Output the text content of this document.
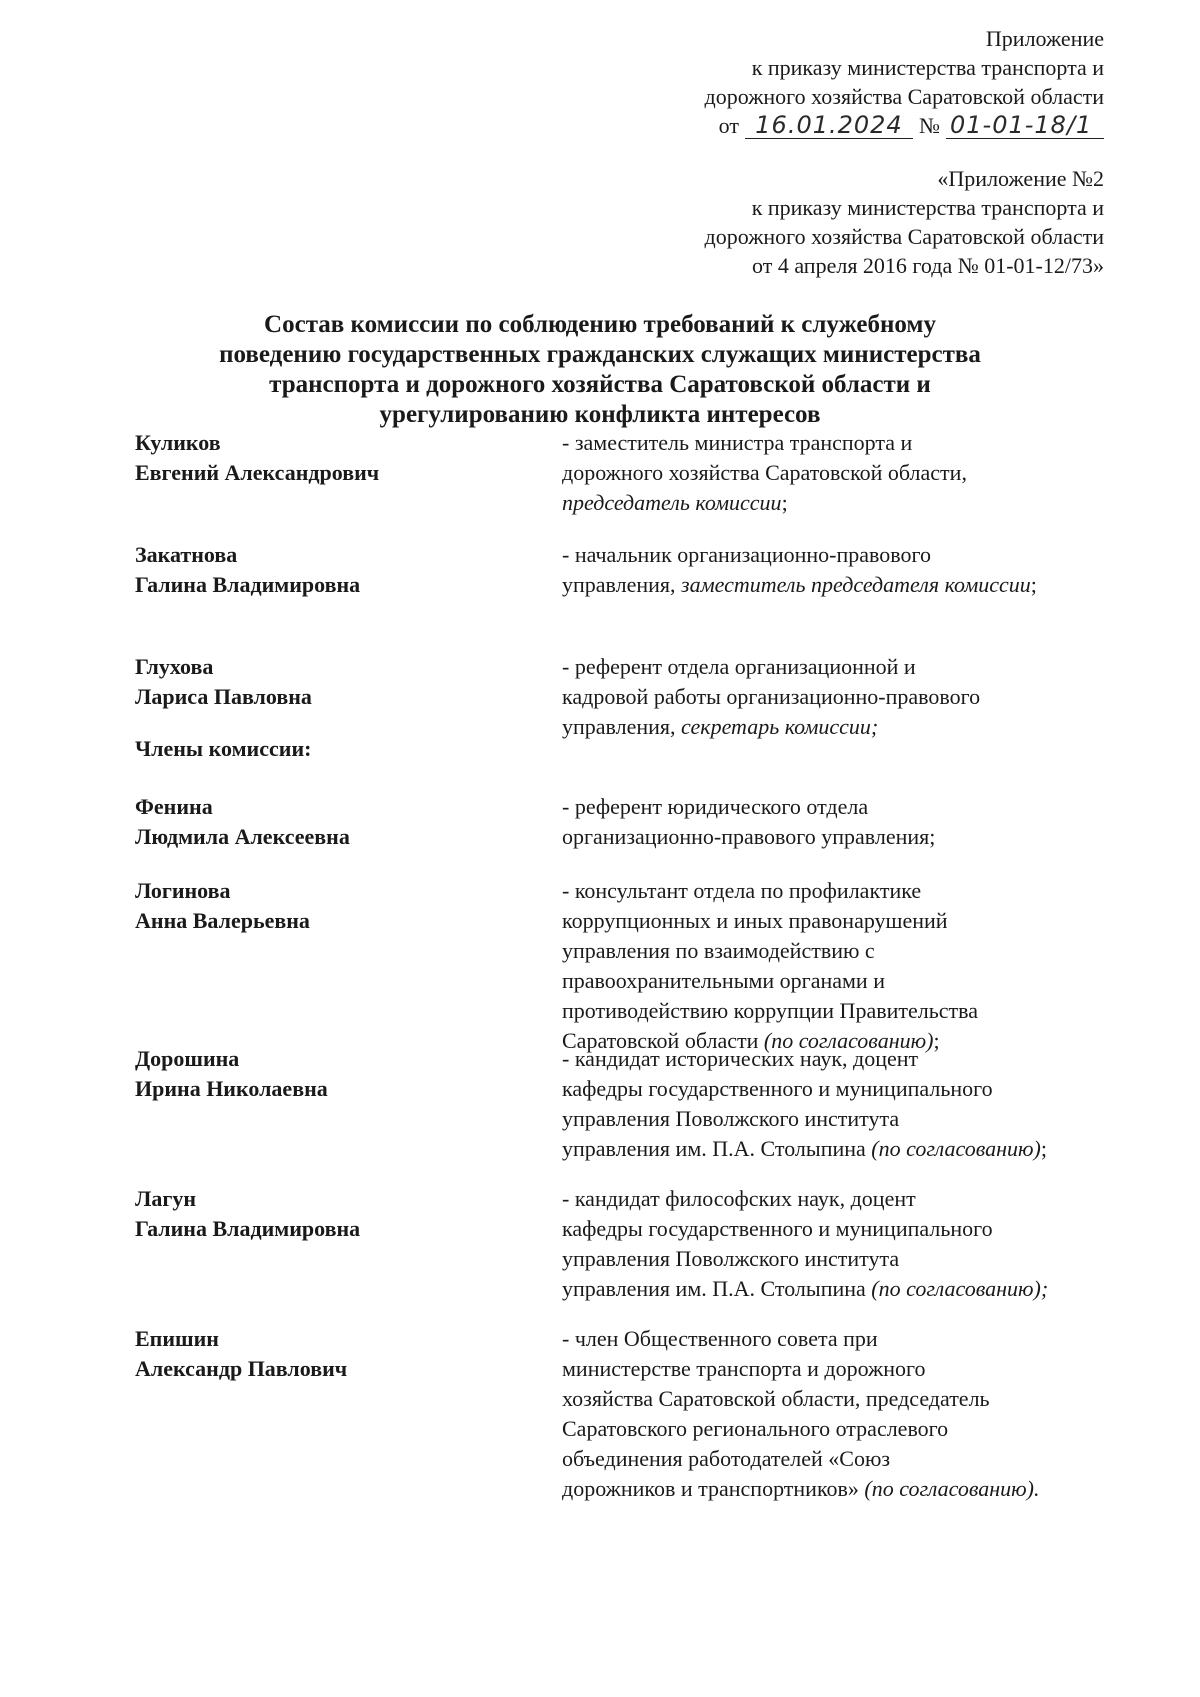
Приложение
к приказу министерства транспорта и
дорожного хозяйства Саратовской области
от 16.01.2024 № 01-01-18/1
«Приложение №2
к приказу министерства транспорта и
дорожного хозяйства Саратовской области
от 4 апреля 2016 года № 01-01-12/73»
Состав комиссии по соблюдению требований к служебному
поведению государственных гражданских служащих министерства
транспорта и дорожного хозяйства Саратовской области и
урегулированию конфликта интересов
Куликов
Евгений Александрович
- заместитель министра транспорта и
дорожного хозяйства Саратовской области,
председатель комиссии;
Закатнова
Галина Владимировна
- начальник организационно-правового
управления, заместитель председателя комиссии;
Глухова
Лариса Павловна
- референт отдела организационной и
кадровой работы организационно-правового
управления, секретарь комиссии;
Члены комиссии:
Фенина
Людмила Алексеевна
- референт юридического отдела
организационно-правового управления;
Логинова
Анна Валерьевна
- консультант отдела по профилактике
коррупционных и иных правонарушений
управления по взаимодействию с
правоохранительными органами и
противодействию коррупции Правительства
Саратовской области (по согласованию);
Дорошина
Ирина Николаевна
- кандидат исторических наук, доцент
кафедры государственного и муниципального
управления Поволжского института
управления им. П.А. Столыпина (по согласованию);
Лагун
Галина Владимировна
- кандидат философских наук, доцент
кафедры государственного и муниципального
управления Поволжского института
управления им. П.А. Столыпина (по согласованию);
Епишин
Александр Павлович
- член Общественного совета при
министерстве транспорта и дорожного
хозяйства Саратовской области, председатель
Саратовского регионального отраслевого
объединения работодателей «Союз
дорожников и транспортников» (по согласованию).
